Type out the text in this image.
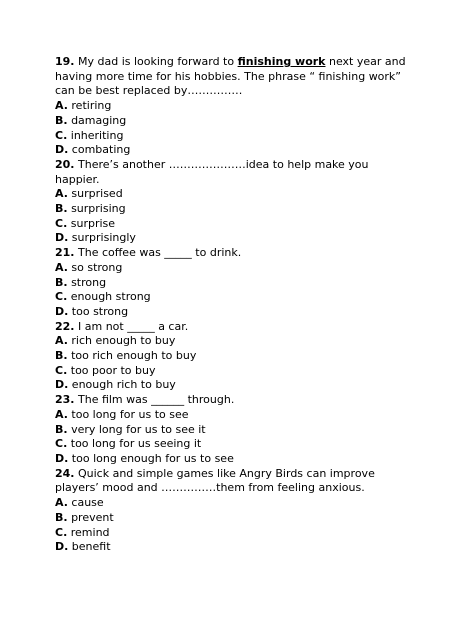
19. My dad is looking forward to finishing work next year and
having more time for his hobbies. The phrase “ finishing work”
can be best replaced by……………
A. retiring
B. damaging
C. inheriting
D. combating
20. There’s another …………………idea to help make you
happier.
A. surprised
B. surprising
C. surprise
D. surprisingly
21. The coffee was _____ to drink.
A. so strong
B. strong
C. enough strong
D. too strong
22. I am not _____ a car.
A. rich enough to buy
B. too rich enough to buy
C. too poor to buy
D. enough rich to buy
23. The film was ______ through.
A. too long for us to see
B. very long for us to see it
C. too long for us seeing it
D. too long enough for us to see
24. Quick and simple games like Angry Birds can improve
players’ mood and ……………them from feeling anxious.
A. cause
B. prevent
C. remind
D. benefit
